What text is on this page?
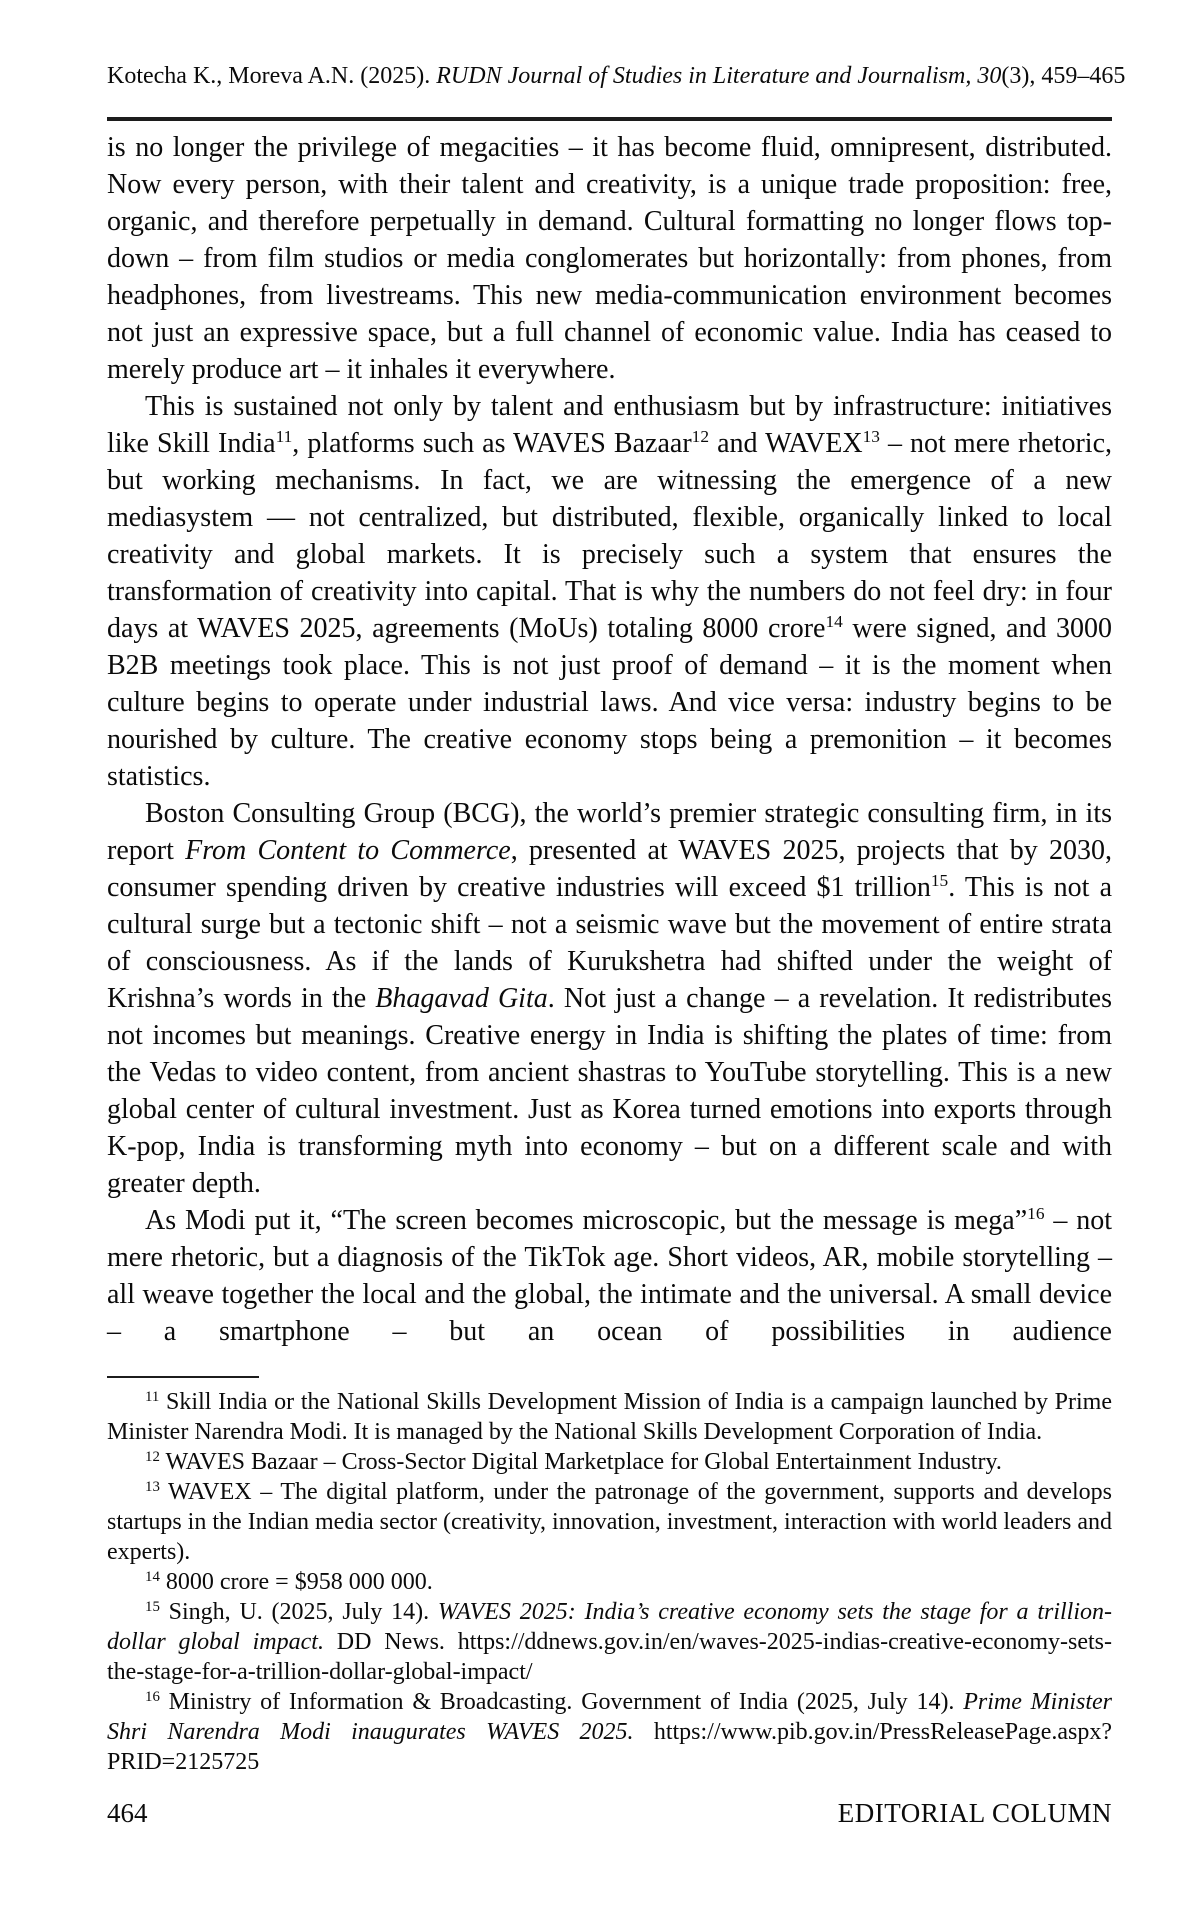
Kotecha K., Moreva A.N. (2025). RUDN Journal of Studies in Literature and Journalism, 30(3), 459–465

is no longer the privilege of megacities – it has become fluid, omnipresent, distributed. Now every person, with their talent and creativity, is a unique trade proposition: free, organic, and therefore perpetually in demand. Cultural formatting no longer flows top-down – from film studios or media conglomerates but horizontally: from phones, from headphones, from livestreams. This new media-communication environment becomes not just an expressive space, but a full channel of economic value. India has ceased to merely produce art – it inhales it everywhere.

This is sustained not only by talent and enthusiasm but by infrastructure: initiatives like Skill India$^{11}$, platforms such as WAVES Bazaar$^{12}$ and WAVEX$^{13}$ – not mere rhetoric, but working mechanisms. In fact, we are witnessing the emergence of a new mediasystem — not centralized, but distributed, flexible, organically linked to local creativity and global markets. It is precisely such a system that ensures the transformation of creativity into capital. That is why the numbers do not feel dry: in four days at WAVES 2025, agreements (MoUs) totaling 8000 crore$^{14}$ were signed, and 3000 B2B meetings took place. This is not just proof of demand – it is the moment when culture begins to operate under industrial laws. And vice versa: industry begins to be nourished by culture. The creative economy stops being a premonition – it becomes statistics.

Boston Consulting Group (BCG), the world’s premier strategic consulting firm, in its report From Content to Commerce, presented at WAVES 2025, projects that by 2030, consumer spending driven by creative industries will exceed $1 trillion$^{15}$. This is not a cultural surge but a tectonic shift – not a seismic wave but the movement of entire strata of consciousness. As if the lands of Kurukshetra had shifted under the weight of Krishna’s words in the Bhagavad Gita. Not just a change – a revelation. It redistributes not incomes but meanings. Creative energy in India is shifting the plates of time: from the Vedas to video content, from ancient shastras to YouTube storytelling. This is a new global center of cultural investment. Just as Korea turned emotions into exports through K-pop, India is transforming myth into economy – but on a different scale and with greater depth.

As Modi put it, “The screen becomes microscopic, but the message is mega”$^{16}$ – not mere rhetoric, but a diagnosis of the TikTok age. Short videos, AR, mobile storytelling – all weave together the local and the global, the intimate and the universal. A small device – a smartphone – but an ocean of possibilities in audience

$^{11}$ Skill India or the National Skills Development Mission of India is a campaign launched by Prime Minister Narendra Modi. It is managed by the National Skills Development Corporation of India.

$^{12}$ WAVES Bazaar – Cross-Sector Digital Marketplace for Global Entertainment Industry.

$^{13}$ WAVEX – The digital platform, under the patronage of the government, supports and develops startups in the Indian media sector (creativity, innovation, investment, interaction with world leaders and experts).

$^{14}$ 8000 crore = $958 000 000.

$^{15}$ Singh, U. (2025, July 14). WAVES 2025: India’s creative economy sets the stage for a trillion-dollar global impact. DD News. https://ddnews.gov.in/en/waves-2025-indias-creative-economy-sets-the-stage-for-a-trillion-dollar-global-impact/

$^{16}$ Ministry of Information & Broadcasting. Government of India (2025, July 14). Prime Minister Shri Narendra Modi inaugurates WAVES 2025. https://www.pib.gov.in/PressReleasePage.aspx?PRID=2125725

464	EDITORIAL COLUMN
